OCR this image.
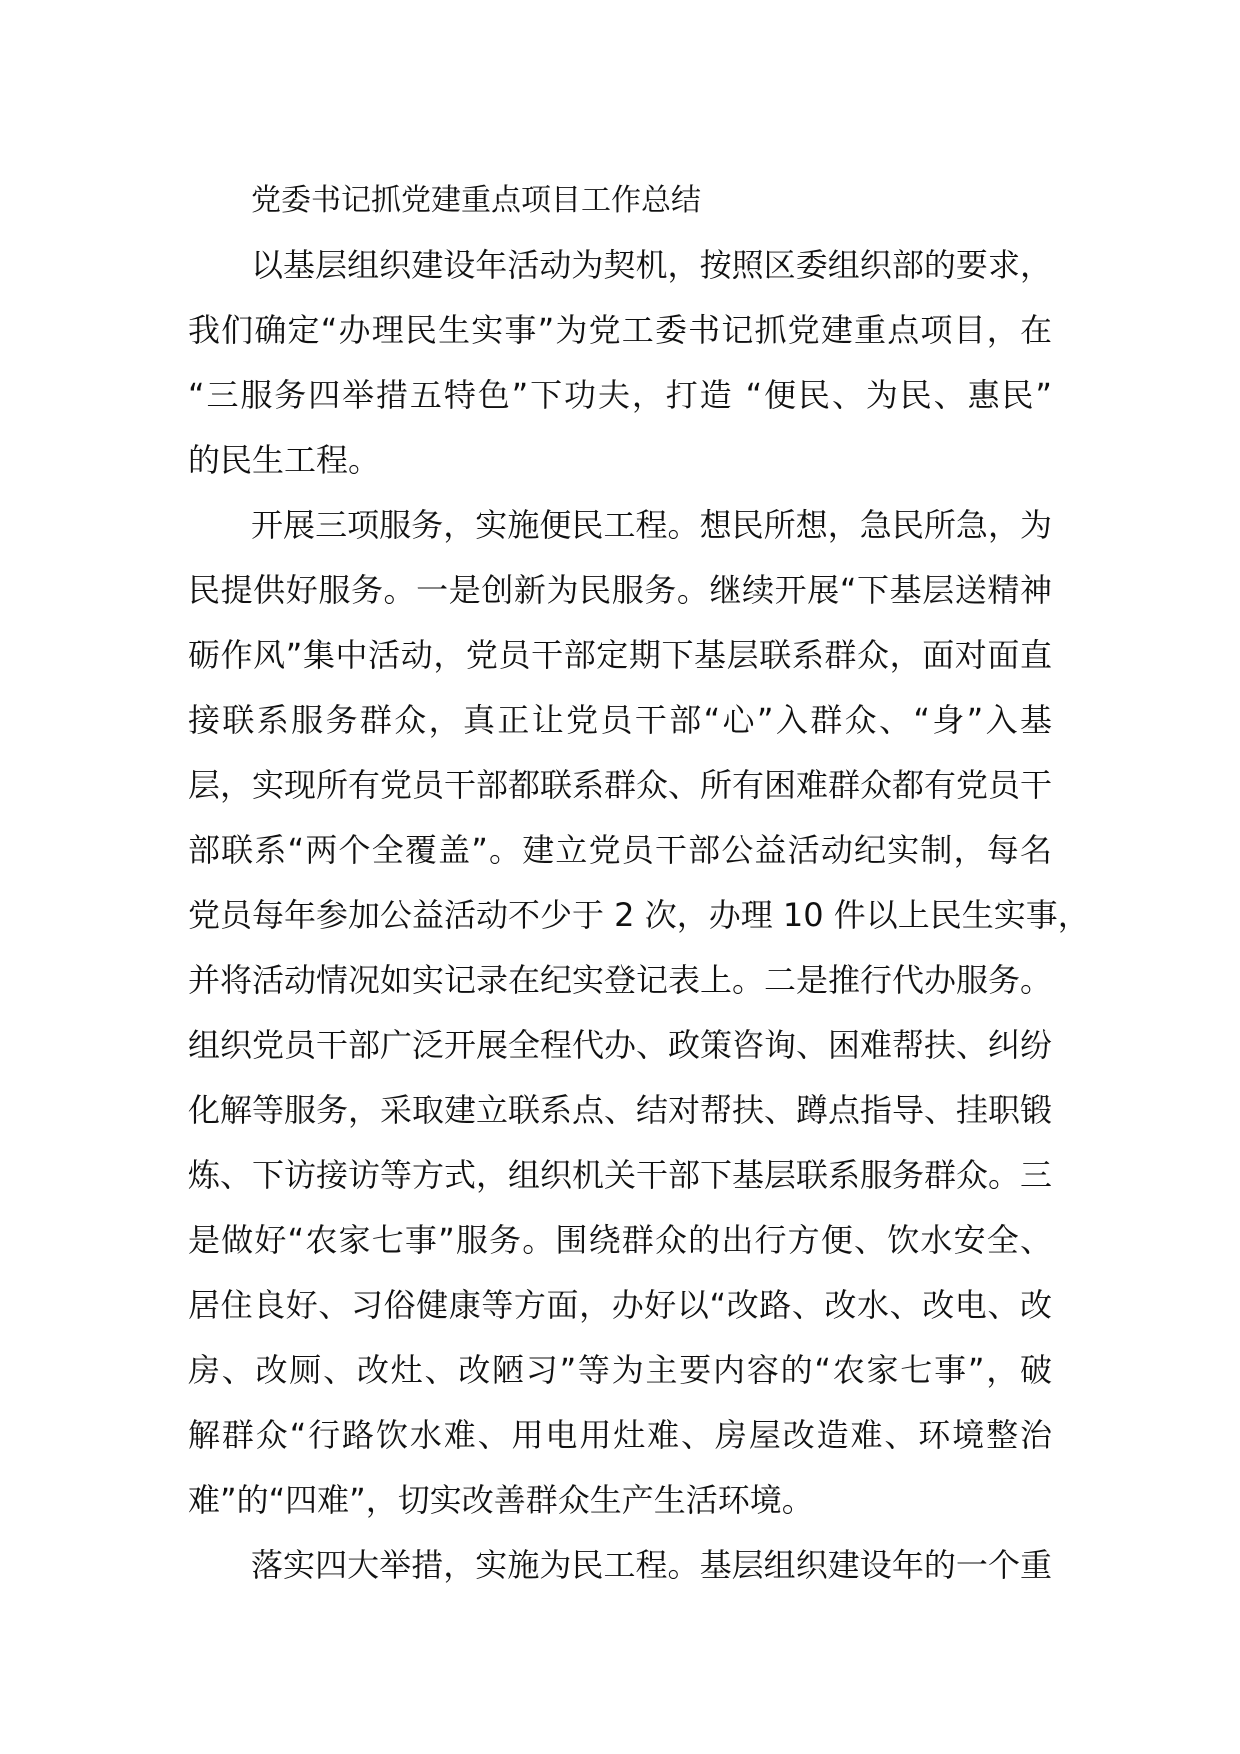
党委书记抓党建重点项目工作总结
以基层组织建设年活动为契机，按照区委组织部的要求，
我们确定“办理民生实事”为党工委书记抓党建重点项目，在
“三服务四举措五特色”下功夫，打造 “便民、为民、惠民”
的民生工程。
开展三项服务，实施便民工程。想民所想，急民所急，为
民提供好服务。一是创新为民服务。继续开展“下基层送精神
砺作风”集中活动，党员干部定期下基层联系群众，面对面直
接联系服务群众，真正让党员干部“心”入群众、“身”入基
层，实现所有党员干部都联系群众、所有困难群众都有党员干
部联系“两个全覆盖”。建立党员干部公益活动纪实制，每名
党员每年参加公益活动不少于 2 次，办理 10 件以上民生实事，
并将活动情况如实记录在纪实登记表上。二是推行代办服务。
组织党员干部广泛开展全程代办、政策咨询、困难帮扶、纠纷
化解等服务，采取建立联系点、结对帮扶、蹲点指导、挂职锻
炼、下访接访等方式，组织机关干部下基层联系服务群众。三
是做好“农家七事”服务。围绕群众的出行方便、饮水安全、
居住良好、习俗健康等方面，办好以“改路、改水、改电、改
房、改厕、改灶、改陋习”等为主要内容的“农家七事”，破
解群众“行路饮水难、用电用灶难、房屋改造难、环境整治
难”的“四难”，切实改善群众生产生活环境。
落实四大举措，实施为民工程。基层组织建设年的一个重
